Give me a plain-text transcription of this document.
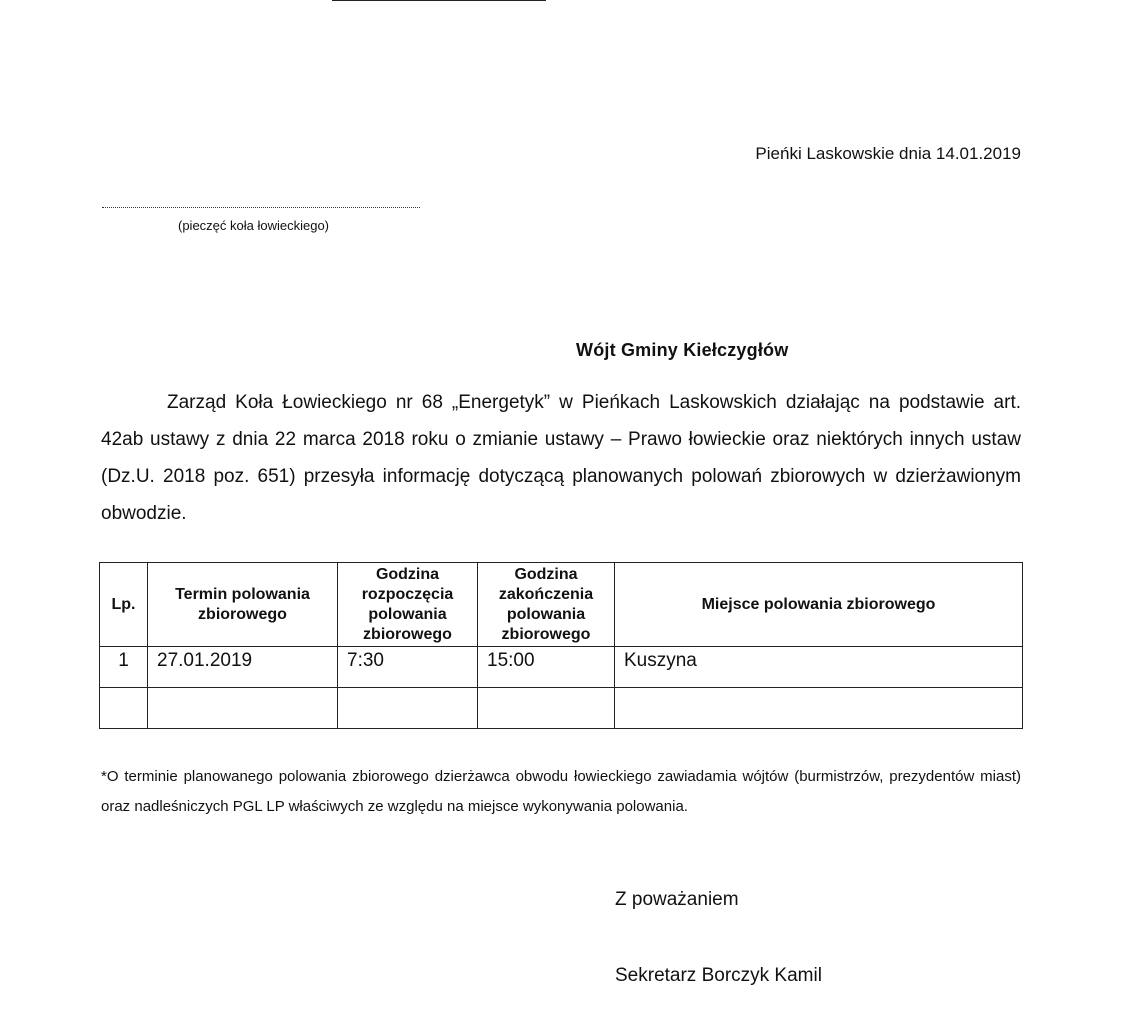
Pieńki Laskowskie dnia 14.01.2019
(pieczęć koła łowieckiego)
Wójt Gminy Kiełczygłów

Zarząd Koła Łowieckiego nr 68 „Energetyk” w Pieńkach Laskowskich działając na podstawie art. 42ab ustawy z dnia 22 marca 2018 roku o zmianie ustawy – Prawo łowieckie oraz niektórych innych ustaw (Dz.U. 2018 poz. 651) przesyła informację dotyczącą planowanych polowań zbiorowych w dzierżawionym obwodzie.

Lp.	Termin polowania zbiorowego	Godzina rozpoczęcia polowania zbiorowego	Godzina zakończenia polowania zbiorowego	Miejsce polowania zbiorowego
1	27.01.2019	7:30	15:00	Kuszyna

*O terminie planowanego polowania zbiorowego dzierżawca obwodu łowieckiego zawiadamia wójtów (burmistrzów, prezydentów miast) oraz nadleśniczych PGL LP właściwych ze względu na miejsce wykonywania polowania.

Z poważaniem
Sekretarz Borczyk Kamil
